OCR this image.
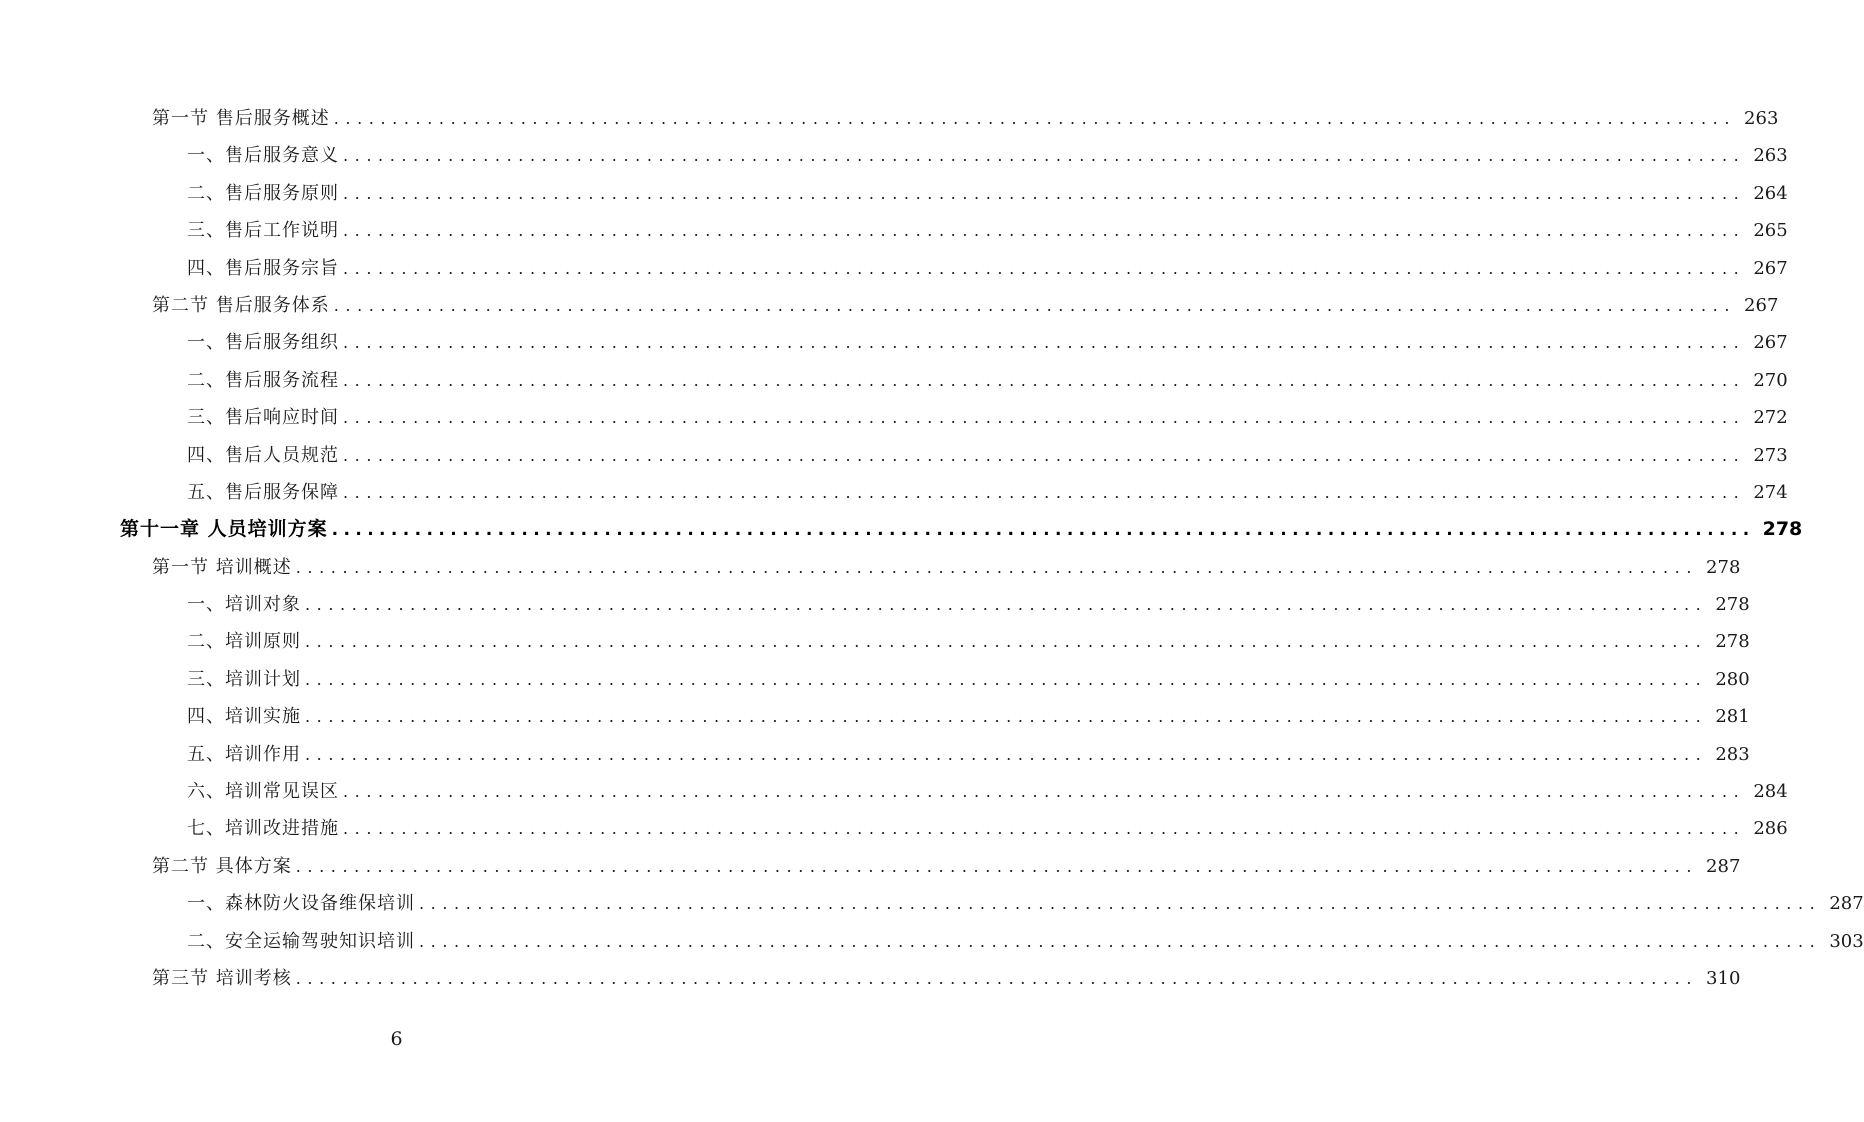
第一节 售后服务概述 ........................................................................................................................ 263
一、售后服务意义 ........................................................................................................................ 263
二、售后服务原则 ........................................................................................................................ 264
三、售后工作说明 ........................................................................................................................ 265
四、售后服务宗旨 ........................................................................................................................ 267
第二节 售后服务体系 ........................................................................................................................ 267
一、售后服务组织 ........................................................................................................................ 267
二、售后服务流程 ........................................................................................................................ 270
三、售后响应时间 ........................................................................................................................ 272
四、售后人员规范 ........................................................................................................................ 273
五、售后服务保障 ........................................................................................................................ 274
第十一章 人员培训方案 ........................................................................................................................ 278
第一节 培训概述 ........................................................................................................................ 278
一、培训对象 ........................................................................................................................ 278
二、培训原则 ........................................................................................................................ 278
三、培训计划 ........................................................................................................................ 280
四、培训实施 ........................................................................................................................ 281
五、培训作用 ........................................................................................................................ 283
六、培训常见误区 ........................................................................................................................ 284
七、培训改进措施 ........................................................................................................................ 286
第二节 具体方案 ........................................................................................................................ 287
一、森林防火设备维保培训 ........................................................................................................................ 287
二、安全运输驾驶知识培训 ........................................................................................................................ 303
第三节 培训考核 ........................................................................................................................ 310
6
